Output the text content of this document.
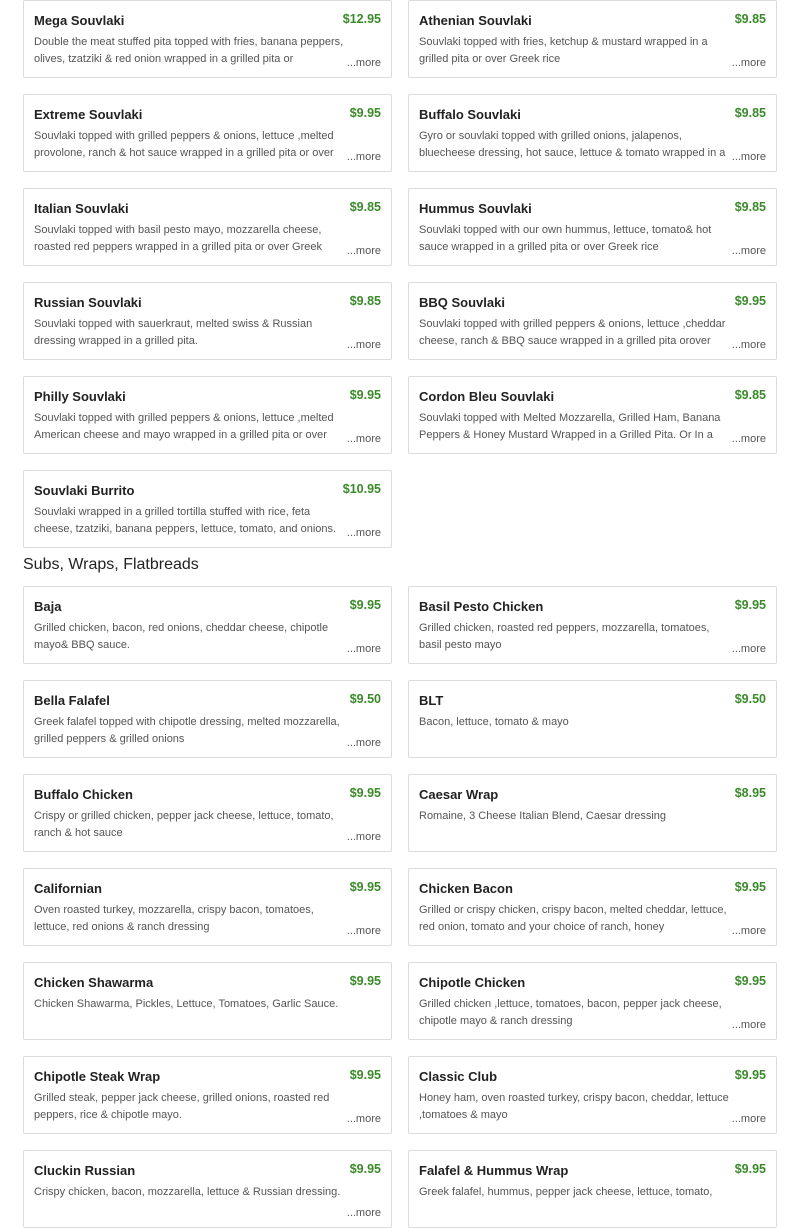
Mega Souvlaki	$12.95
Double the meat stuffed pita topped with fries, banana peppers, olives, tzatziki & red onion wrapped in a grilled pita or	...more
Athenian Souvlaki	$9.85
Souvlaki topped with fries, ketchup & mustard wrapped in a grilled pita or over Greek rice	...more
Extreme Souvlaki	$9.95
Souvlaki topped with grilled peppers & onions, lettuce ,melted provolone, ranch & hot sauce wrapped in a grilled pita or over	...more
Buffalo Souvlaki	$9.85
Gyro or souvlaki topped with grilled onions, jalapenos, bluecheese dressing, hot sauce, lettuce & tomato wrapped in a ...more
Italian Souvlaki	$9.85
Souvlaki topped with basil pesto mayo, mozzarella cheese, roasted red peppers wrapped in a grilled pita or over Greek	...more
Hummus Souvlaki	$9.85
Souvlaki topped with our own hummus, lettuce, tomato& hot sauce wrapped in a grilled pita or over Greek rice	...more
Russian Souvlaki	$9.85
Souvlaki topped with sauerkraut, melted swiss & Russian dressing wrapped in a grilled pita.	...more
BBQ Souvlaki	$9.95
Souvlaki topped with grilled peppers & onions, lettuce ,cheddar cheese, ranch & BBQ sauce wrapped in a grilled pita orover	...more
Philly Souvlaki	$9.95
Souvlaki topped with grilled peppers & onions, lettuce ,melted American cheese and mayo wrapped in a grilled pita or over	...more
Cordon Bleu Souvlaki	$9.85
Souvlaki topped with Melted Mozzarella, Grilled Ham, Banana Peppers & Honey Mustard Wrapped in a Grilled Pita. Or In a	...more
Souvlaki Burrito	$10.95
Souvlaki wrapped in a grilled tortilla stuffed with rice, feta cheese, tzatziki, banana peppers, lettuce, tomato, and onions. ...more
Subs, Wraps, Flatbreads
Baja	$9.95
Grilled chicken, bacon, red onions, cheddar cheese, chipotle mayo& BBQ sauce.	...more
Basil Pesto Chicken	$9.95
Grilled chicken, roasted red peppers, mozzarella, tomatoes, basil pesto mayo	...more
Bella Falafel	$9.50
Greek falafel topped with chipotle dressing, melted mozzarella, grilled peppers & grilled onions	...more
BLT	$9.50
Bacon, lettuce, tomato & mayo
Buffalo Chicken	$9.95
Crispy or grilled chicken, pepper jack cheese, lettuce, tomato, ranch & hot sauce	...more
Caesar Wrap	$8.95
Romaine, 3 Cheese Italian Blend, Caesar dressing
Californian	$9.95
Oven roasted turkey, mozzarella, crispy bacon, tomatoes, lettuce, red onions & ranch dressing	...more
Chicken Bacon	$9.95
Grilled or crispy chicken, crispy bacon, melted cheddar, lettuce, red onion, tomato and your choice of ranch, honey	...more
Chicken Shawarma	$9.95
Chicken Shawarma, Pickles, Lettuce, Tomatoes, Garlic Sauce.
Chipotle Chicken	$9.95
Grilled chicken ,lettuce, tomatoes, bacon, pepper jack cheese, chipotle mayo & ranch dressing	...more
Chipotle Steak Wrap	$9.95
Grilled steak, pepper jack cheese, grilled onions, roasted red peppers, rice & chipotle mayo.	...more
Classic Club	$9.95
Honey ham, oven roasted turkey, crispy bacon, cheddar, lettuce ,tomatoes & mayo	...more
Cluckin Russian	$9.95
Crispy chicken, bacon, mozzarella, lettuce & Russian dressing.
...more
Falafel & Hummus Wrap	$9.95
Greek falafel, hummus, pepper jack cheese, lettuce, tomato,
